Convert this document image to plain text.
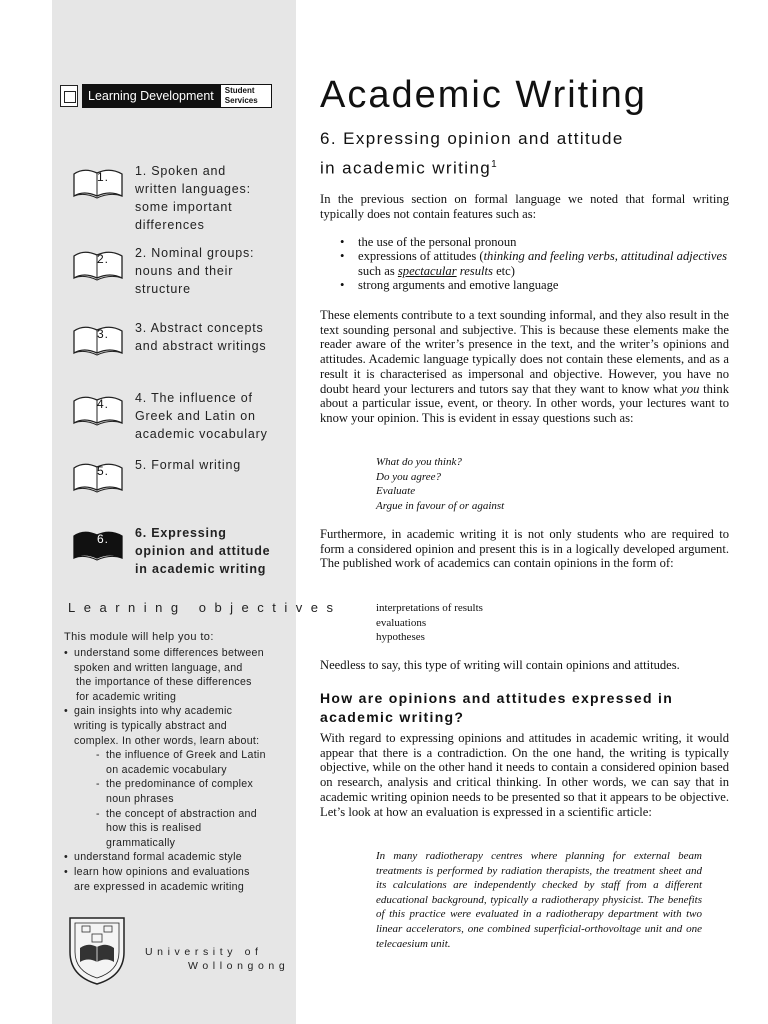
Learning Development	Student
Services
1. 1. Spoken and
written languages:
some important
differences
2. 2. Nominal groups:
nouns and their
structure
3. 3. Abstract concepts
and abstract writings
4. 4. The influence of
Greek and Latin on
academic vocabulary
5. 5. Formal writing
6. 6. Expressing
opinion and attitude
in academic writing
Learning objectives
This module will help you to:
• understand some differences between
spoken and written language, and
the importance of these differences
for academic writing
• gain insights into why academic
writing is typically abstract and
complex. In other words, learn about:
- the influence of Greek and Latin
on academic vocabulary
- the predominance of complex
noun phrases
- the concept of abstraction and
how this is realised
grammatically
• understand formal academic style
• learn how opinions and evaluations
are expressed in academic writing
University of
Wollongong
Academic Writing
6. Expressing opinion and attitude
in academic writing$^1$

In the previous section on formal language we noted that formal writing typically does not contain features such as:

• the use of the personal pronoun
• expressions of attitudes (thinking and feeling verbs, attitudinal adjectives such as spectacular results etc)
• strong arguments and emotive language

These elements contribute to a text sounding informal, and they also result in the text sounding personal and subjective. This is because these elements make the reader aware of the writer’s presence in the text, and the writer’s opinions and attitudes. Academic language typically does not contain these elements, and as a result it is characterised as impersonal and objective. However, you have no doubt heard your lecturers and tutors say that they want to know what you think about a particular issue, event, or theory. In other words, your lectures want to know your opinion. This is evident in essay questions such as:

What do you think?
Do you agree?
Evaluate
Argue in favour of or against

Furthermore, in academic writing it is not only students who are required to form a considered opinion and present this is in a logically developed argument. The published work of academics can contain opinions in the form of:

interpretations of results
evaluations
hypotheses

Needless to say, this type of writing will contain opinions and attitudes.

How are opinions and attitudes expressed in
academic writing?

With regard to expressing opinions and attitudes in academic writing, it would appear that there is a contradiction. On the one hand, the writing is typically objective, while on the other hand it needs to contain a considered opinion based on research, analysis and critical thinking. In other words, we can say that in academic writing opinion needs to be presented so that it appears to be objective. Let’s look at how an evaluation is expressed in a scientific article:

In many radiotherapy centres where planning for external beam treatments is performed by radiation therapists, the treatment sheet and its calculations are independently checked by staff from a different educational background, typically a radiotherapy physicist. The benefits of this practice were evaluated in a radiotherapy department with two linear accelerators, one combined superficial-orthovoltage unit and one telecaesium unit.
